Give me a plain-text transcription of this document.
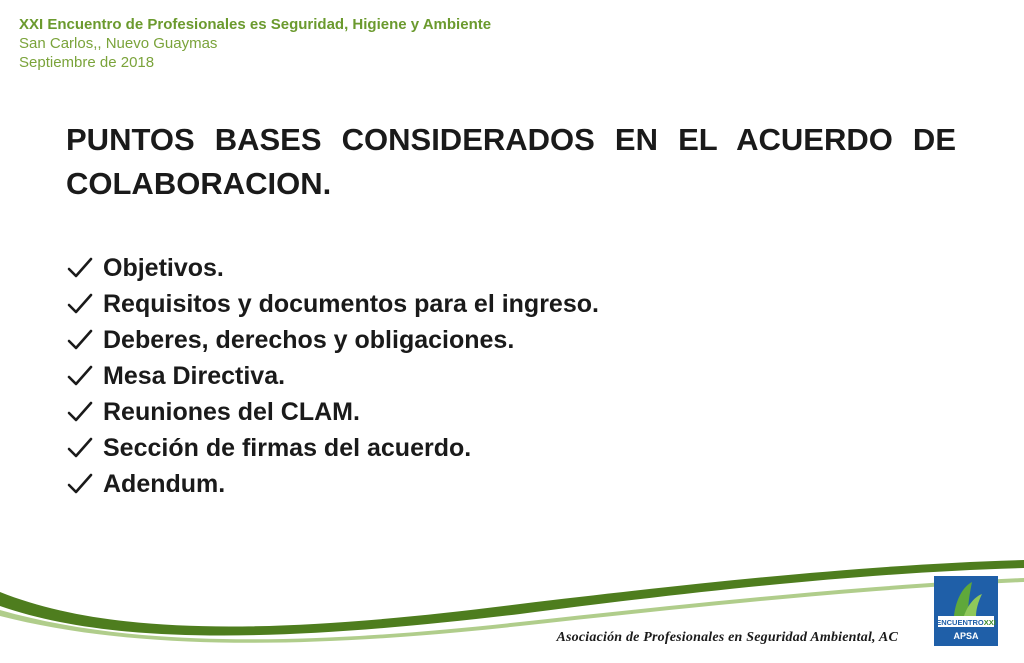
XXI Encuentro de Profesionales es Seguridad, Higiene y Ambiente
San Carlos,, Nuevo Guaymas
Septiembre de 2018
PUNTOS BASES CONSIDERADOS EN EL ACUERDO DE COLABORACION.
Objetivos.
Requisitos y documentos para el ingreso.
Deberes, derechos y obligaciones.
Mesa Directiva.
Reuniones del CLAM.
Sección de firmas del acuerdo.
Adendum.
Asociación de Profesionales en Seguridad Ambiental, AC
ENCUENTROXXI
APSA
